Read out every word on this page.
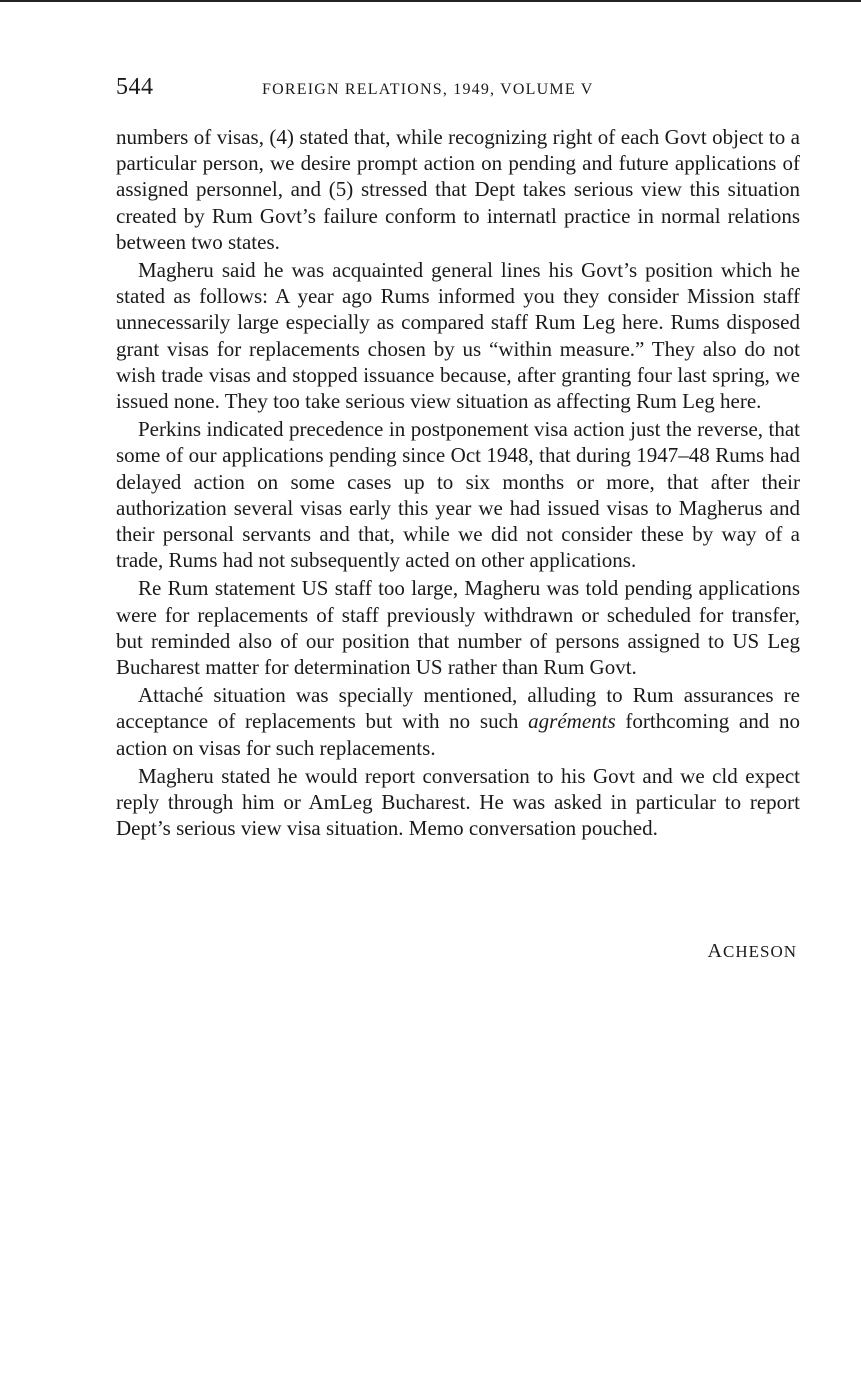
544	FOREIGN RELATIONS, 1949, VOLUME V

numbers of visas, (4) stated that, while recognizing right of each Govt object to a particular person, we desire prompt action on pending and future applications of assigned personnel, and (5) stressed that Dept takes serious view this situation created by Rum Govt’s failure conform to internatl practice in normal relations between two states.

Magheru said he was acquainted general lines his Govt’s position which he stated as follows: A year ago Rums informed you they consider Mission staff unnecessarily large especially as compared staff Rum Leg here. Rums disposed grant visas for replacements chosen by us “within measure.” They also do not wish trade visas and stopped issuance because, after granting four last spring, we issued none. They too take serious view situation as affecting Rum Leg here.

Perkins indicated precedence in postponement visa action just the reverse, that some of our applications pending since Oct 1948, that during 1947–48 Rums had delayed action on some cases up to six months or more, that after their authorization several visas early this year we had issued visas to Magherus and their personal servants and that, while we did not consider these by way of a trade, Rums had not subsequently acted on other applications.

Re Rum statement US staff too large, Magheru was told pending applications were for replacements of staff previously withdrawn or scheduled for transfer, but reminded also of our position that number of persons assigned to US Leg Bucharest matter for determination US rather than Rum Govt.

Attaché situation was specially mentioned, alluding to Rum assurances re acceptance of replacements but with no such agréments forthcoming and no action on visas for such replacements.

Magheru stated he would report conversation to his Govt and we cld expect reply through him or AmLeg Bucharest. He was asked in particular to report Dept’s serious view visa situation. Memo conversation pouched.

ACHESON
